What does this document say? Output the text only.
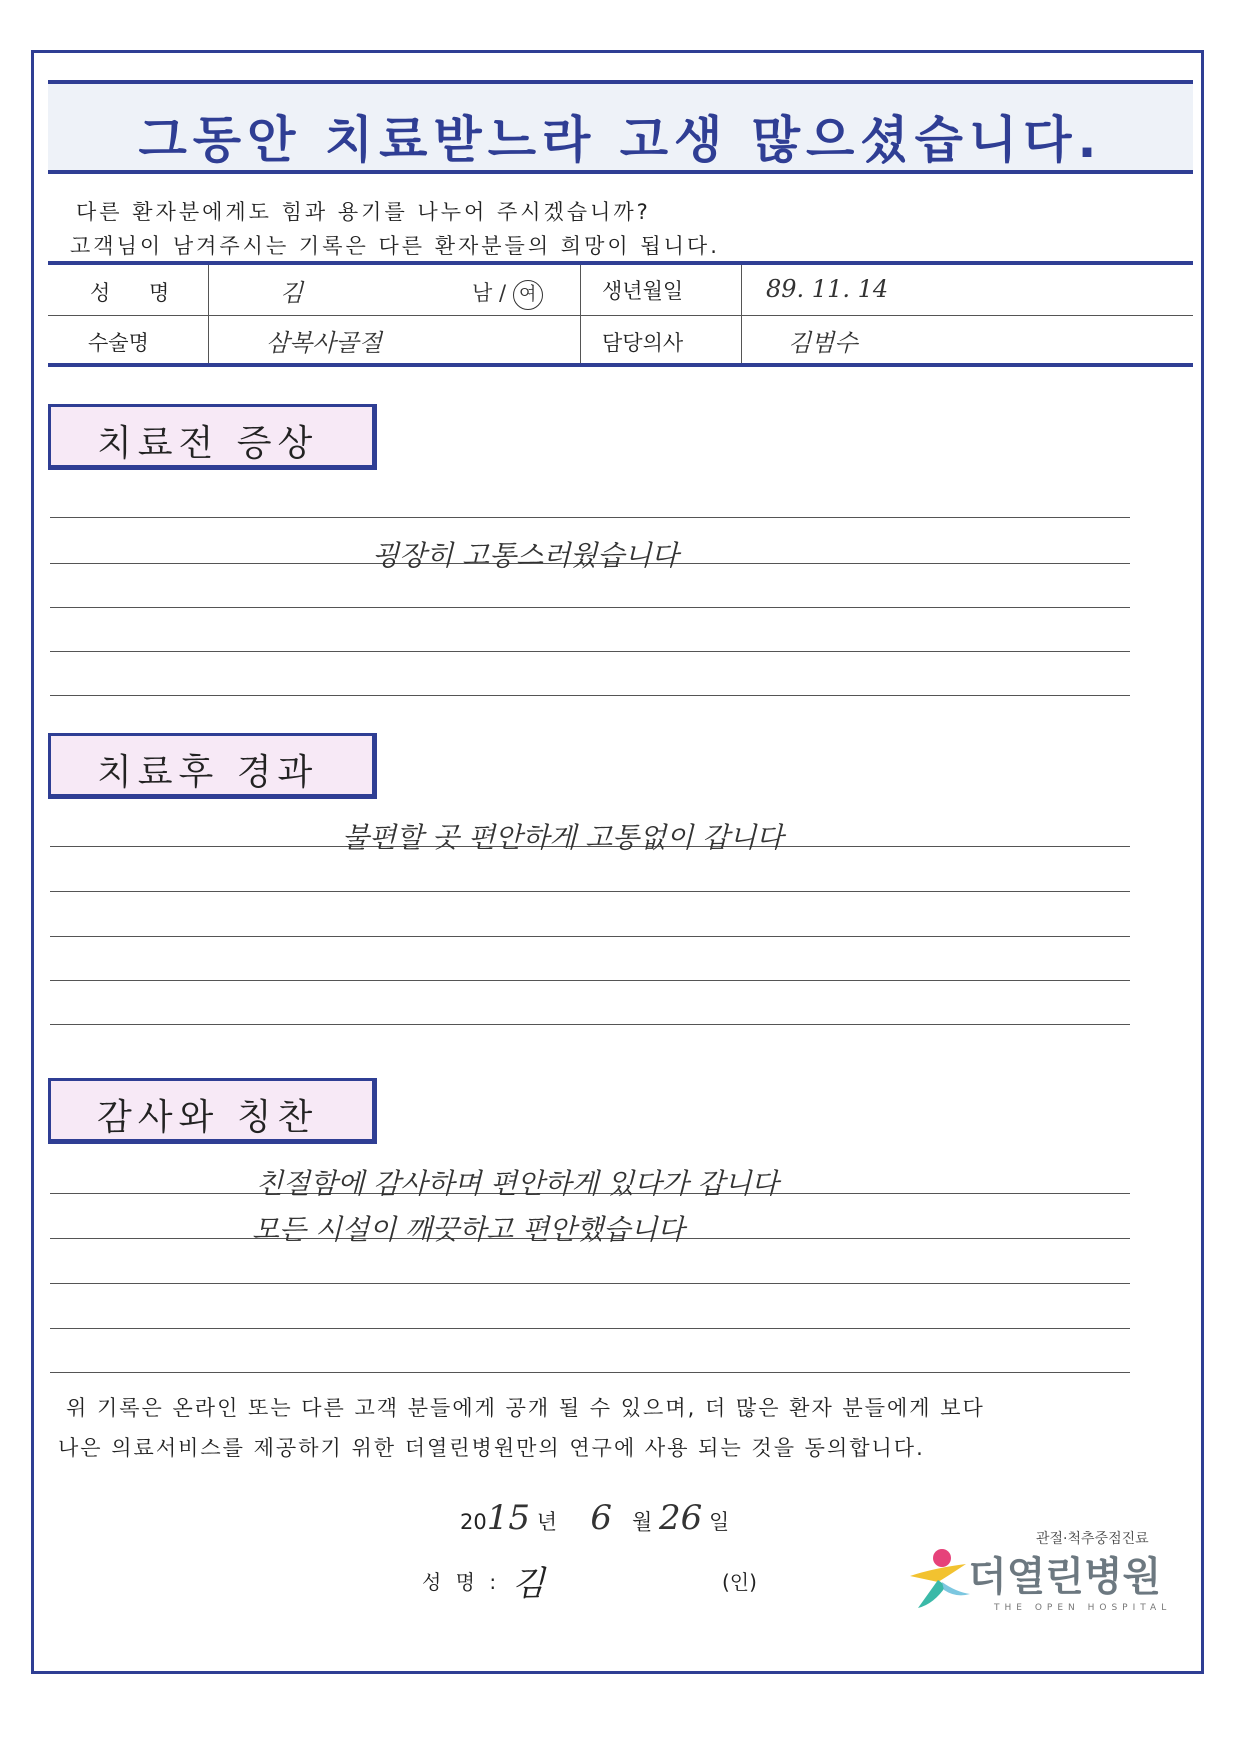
그동안 치료받느라 고생 많으셨습니다.
다른 환자분에게도 힘과 용기를 나누어 주시겠습니까?
고객님이 남겨주시는 기록은 다른 환자분들의 희망이 됩니다.
성 명	김	남 / 여	생년월일	89. 11. 14
수술명	삼복사골절	담당의사	김범수
치료전 증상
굉장히 고통스러웠습니다
치료후 경과
불편할 곳 편안하게 고통없이 갑니다
감사와 칭찬
친절함에 감사하며 편안하게 있다가 갑니다
모든 시설이 깨끗하고 편안했습니다
위 기록은 온라인 또는 다른 고객 분들에게 공개 될 수 있으며, 더 많은 환자 분들에게 보다
나은 의료서비스를 제공하기 위한 더열린병원만의 연구에 사용 되는 것을 동의합니다.
2015 년 6 월 26 일
성 명 : 김	(인)
관절·척추중점진료
더열린병원
THE OPEN HOSPITAL
